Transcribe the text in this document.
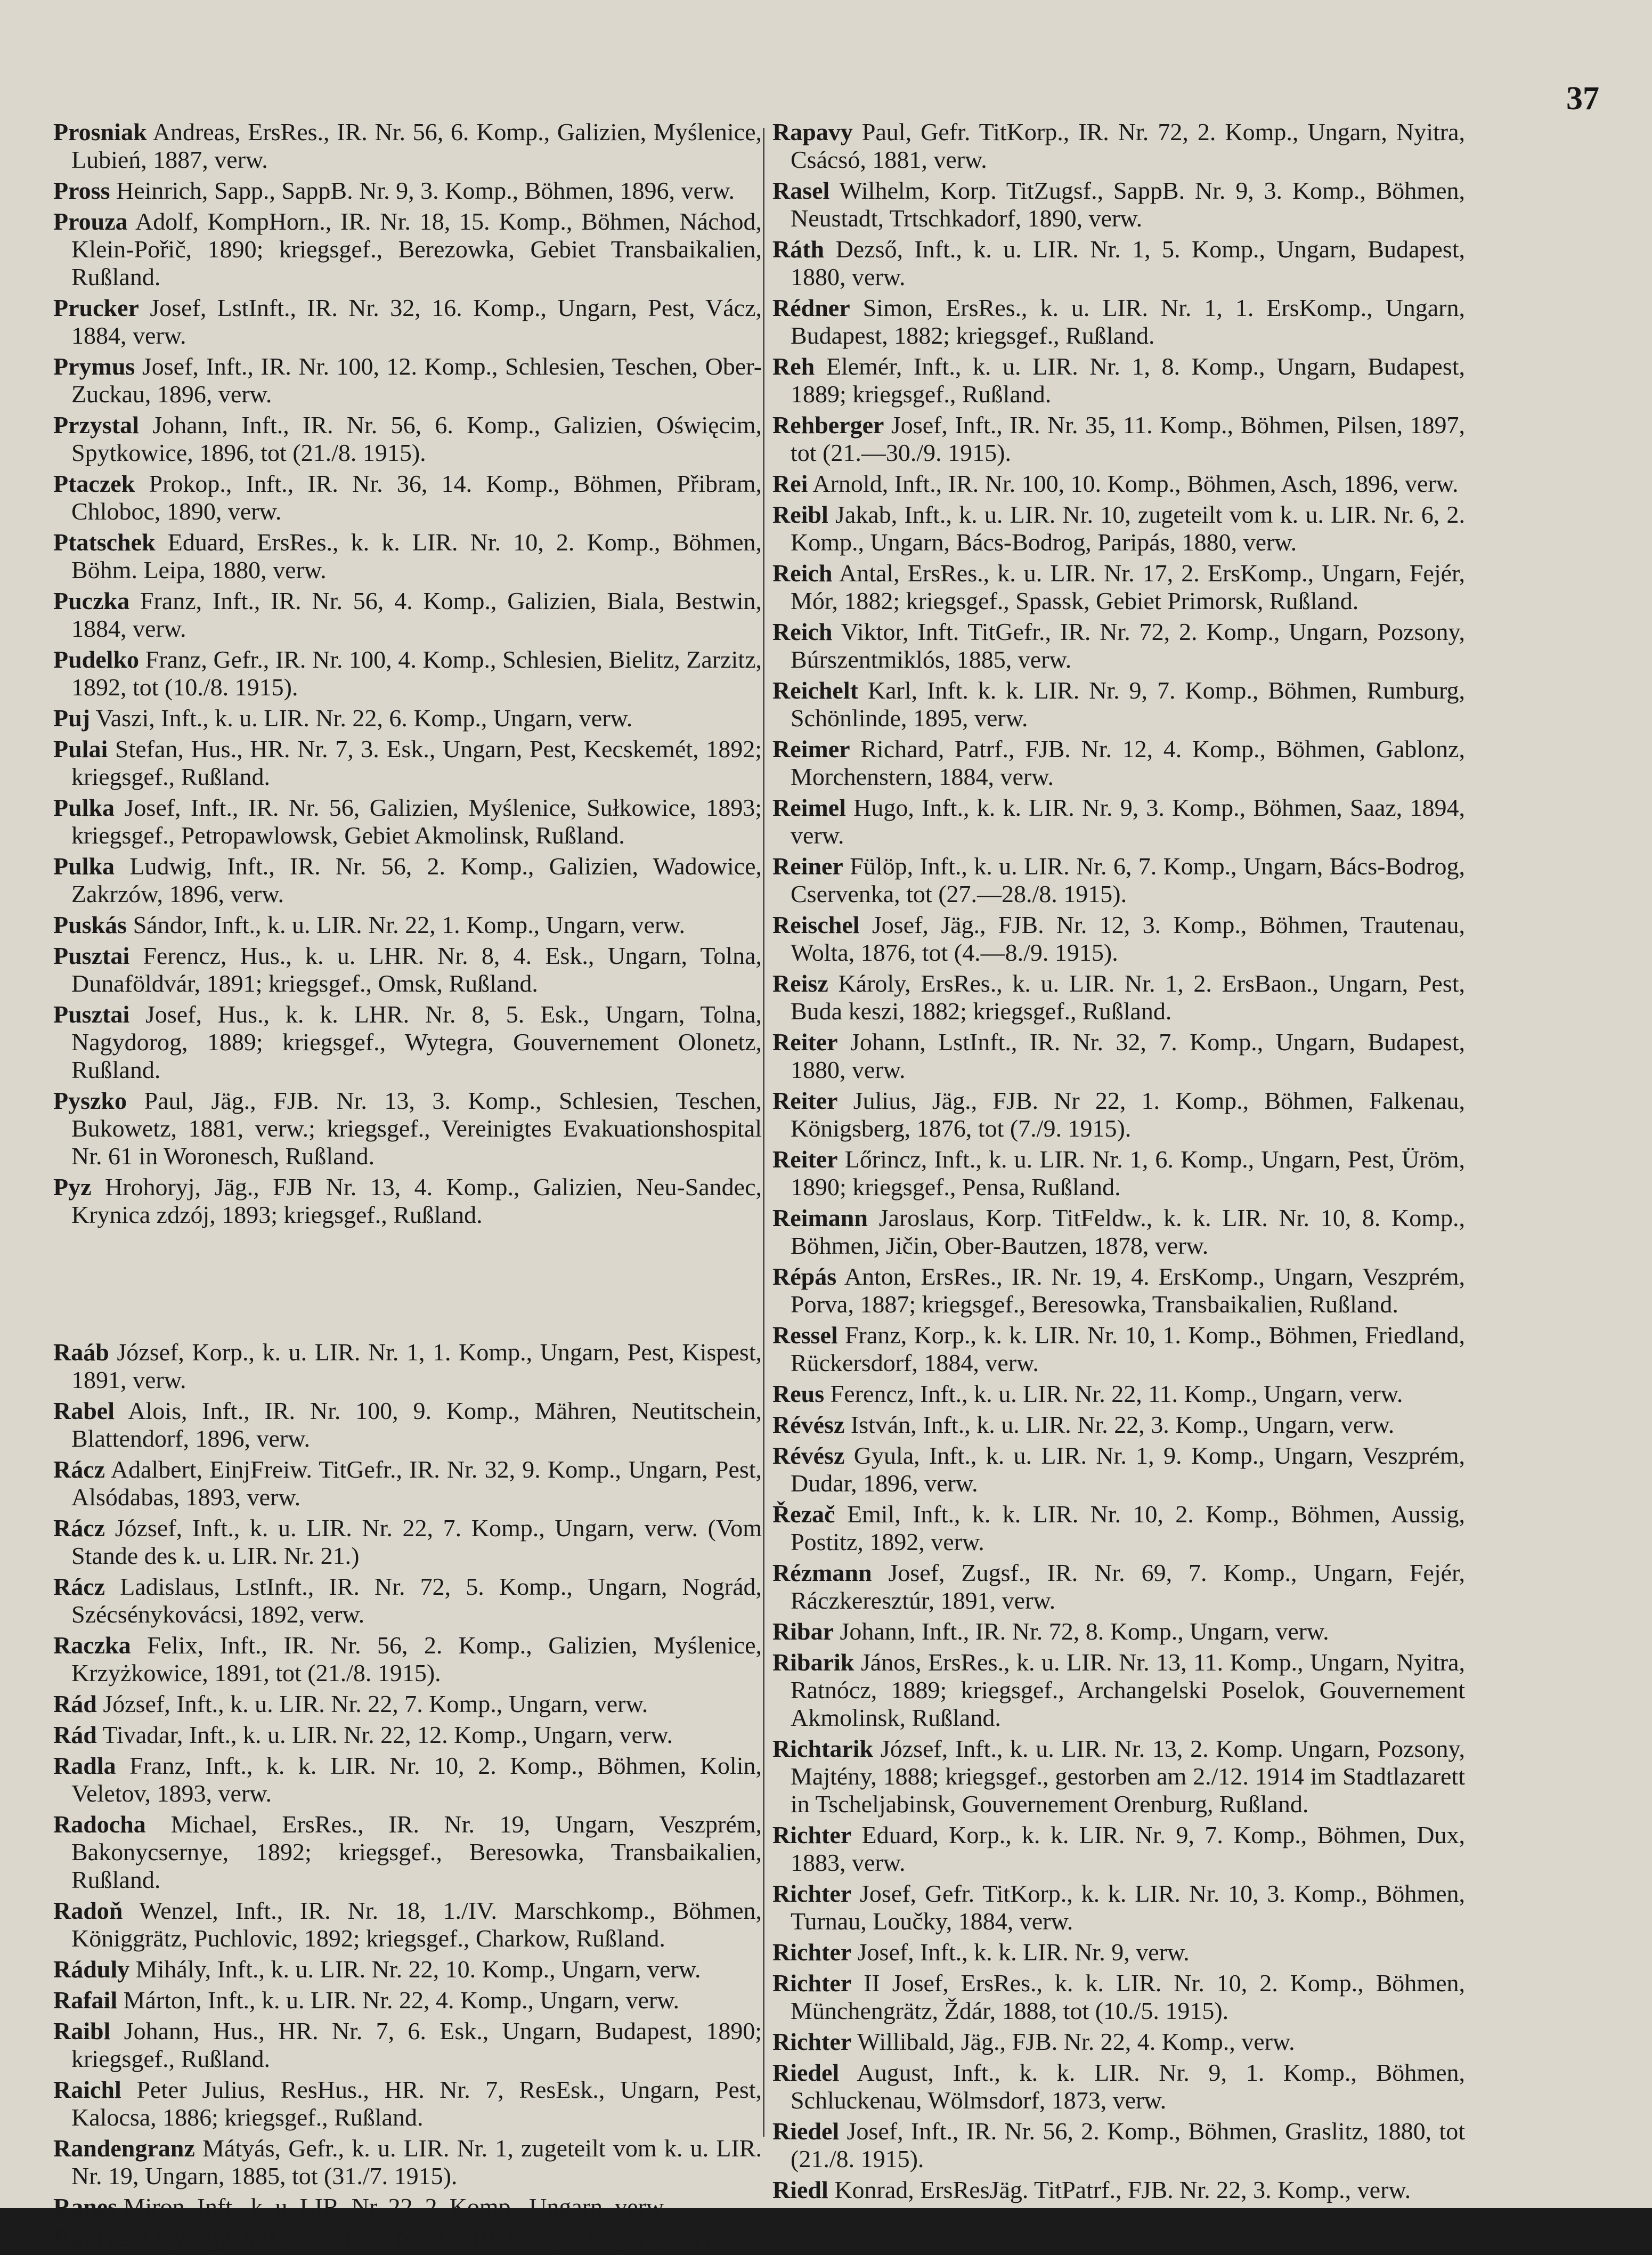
37
Prosniak Andreas, ErsRes., IR. Nr. 56, 6. Komp., Galizien, Myślenice, Lubień, 1887, verw.
Pross Heinrich, Sapp., SappB. Nr. 9, 3. Komp., Böhmen, 1896, verw.
Prouza Adolf, KompHorn., IR. Nr. 18, 15. Komp., Böhmen, Náchod, Klein-Pořič, 1890; kriegsgef., Berezowka, Gebiet Transbaikalien, Rußland.
Prucker Josef, LstInft., IR. Nr. 32, 16. Komp., Ungarn, Pest, Vácz, 1884, verw.
Prymus Josef, Inft., IR. Nr. 100, 12. Komp., Schlesien, Teschen, Ober-Zuckau, 1896, verw.
Przystal Johann, Inft., IR. Nr. 56, 6. Komp., Galizien, Oświęcim, Spytkowice, 1896, tot (21./8. 1915).
Ptaczek Prokop., Inft., IR. Nr. 36, 14. Komp., Böhmen, Přibram, Chloboc, 1890, verw.
Ptatschek Eduard, ErsRes., k. k. LIR. Nr. 10, 2. Komp., Böhmen, Böhm. Leipa, 1880, verw.
Puczka Franz, Inft., IR. Nr. 56, 4. Komp., Galizien, Biala, Bestwin, 1884, verw.
Pudelko Franz, Gefr., IR. Nr. 100, 4. Komp., Schlesien, Bielitz, Zarzitz, 1892, tot (10./8. 1915).
Puj Vaszi, Inft., k. u. LIR. Nr. 22, 6. Komp., Ungarn, verw.
Pulai Stefan, Hus., HR. Nr. 7, 3. Esk., Ungarn, Pest, Kecskemét, 1892; kriegsgef., Rußland.
Pulka Josef, Inft., IR. Nr. 56, Galizien, Myślenice, Sułkowice, 1893; kriegsgef., Petropawlowsk, Gebiet Akmolinsk, Rußland.
Pulka Ludwig, Inft., IR. Nr. 56, 2. Komp., Galizien, Wadowice, Zakrzów, 1896, verw.
Puskás Sándor, Inft., k. u. LIR. Nr. 22, 1. Komp., Ungarn, verw.
Pusztai Ferencz, Hus., k. u. LHR. Nr. 8, 4. Esk., Ungarn, Tolna, Dunaföldvár, 1891; kriegsgef., Omsk, Rußland.
Pusztai Josef, Hus., k. k. LHR. Nr. 8, 5. Esk., Ungarn, Tolna, Nagydorog, 1889; kriegsgef., Wytegra, Gouvernement Olonetz, Rußland.
Pyszko Paul, Jäg., FJB. Nr. 13, 3. Komp., Schlesien, Teschen, Bukowetz, 1881, verw.; kriegsgef., Vereinigtes Evakuationshospital Nr. 61 in Woronesch, Rußland.
Pyz Hrohoryj, Jäg., FJB Nr. 13, 4. Komp., Galizien, Neu-Sandec, Krynica zdzój, 1893; kriegsgef., Rußland.
Raáb József, Korp., k. u. LIR. Nr. 1, 1. Komp., Ungarn, Pest, Kispest, 1891, verw.
Rabel Alois, Inft., IR. Nr. 100, 9. Komp., Mähren, Neutitschein, Blattendorf, 1896, verw.
Rácz Adalbert, EinjFreiw. TitGefr., IR. Nr. 32, 9. Komp., Ungarn, Pest, Alsódabas, 1893, verw.
Rácz József, Inft., k. u. LIR. Nr. 22, 7. Komp., Ungarn, verw. (Vom Stande des k. u. LIR. Nr. 21.)
Rácz Ladislaus, LstInft., IR. Nr. 72, 5. Komp., Ungarn, Nográd, Szécsénykovácsi, 1892, verw.
Raczka Felix, Inft., IR. Nr. 56, 2. Komp., Galizien, Myślenice, Krzyżkowice, 1891, tot (21./8. 1915).
Rád József, Inft., k. u. LIR. Nr. 22, 7. Komp., Ungarn, verw.
Rád Tivadar, Inft., k. u. LIR. Nr. 22, 12. Komp., Ungarn, verw.
Radla Franz, Inft., k. k. LIR. Nr. 10, 2. Komp., Böhmen, Kolin, Veletov, 1893, verw.
Radocha Michael, ErsRes., IR. Nr. 19, Ungarn, Veszprém, Bakonycsernye, 1892; kriegsgef., Beresowka, Transbaikalien, Rußland.
Radoň Wenzel, Inft., IR. Nr. 18, 1./IV. Marschkomp., Böhmen, Königgrätz, Puchlovic, 1892; kriegsgef., Charkow, Rußland.
Ráduly Mihály, Inft., k. u. LIR. Nr. 22, 10. Komp., Ungarn, verw.
Rafail Márton, Inft., k. u. LIR. Nr. 22, 4. Komp., Ungarn, verw.
Raibl Johann, Hus., HR. Nr. 7, 6. Esk., Ungarn, Budapest, 1890; kriegsgef., Rußland.
Raichl Peter Julius, ResHus., HR. Nr. 7, ResEsk., Ungarn, Pest, Kalocsa, 1886; kriegsgef., Rußland.
Randengranz Mátyás, Gefr., k. u. LIR. Nr. 1, zugeteilt vom k. u. LIR. Nr. 19, Ungarn, 1885, tot (31./7. 1915).
Ranes Miron, Inft., k. u. LIR. Nr. 22, 2. Komp., Ungarn, verw.
Raniveza György, Inft., k. u. LIR. Nr. 22, 10. Komp., Ungarn, verw.
Rapavy Paul, Gefr. TitKorp., IR. Nr. 72, 2. Komp., Ungarn, Nyitra, Csácsó, 1881, verw.
Rasel Wilhelm, Korp. TitZugsf., SappB. Nr. 9, 3. Komp., Böhmen, Neustadt, Trtschkadorf, 1890, verw.
Ráth Dezső, Inft., k. u. LIR. Nr. 1, 5. Komp., Ungarn, Budapest, 1880, verw.
Rédner Simon, ErsRes., k. u. LIR. Nr. 1, 1. ErsKomp., Ungarn, Budapest, 1882; kriegsgef., Rußland.
Reh Elemér, Inft., k. u. LIR. Nr. 1, 8. Komp., Ungarn, Budapest, 1889; kriegsgef., Rußland.
Rehberger Josef, Inft., IR. Nr. 35, 11. Komp., Böhmen, Pilsen, 1897, tot (21.—30./9. 1915).
Rei Arnold, Inft., IR. Nr. 100, 10. Komp., Böhmen, Asch, 1896, verw.
Reibl Jakab, Inft., k. u. LIR. Nr. 10, zugeteilt vom k. u. LIR. Nr. 6, 2. Komp., Ungarn, Bács-Bodrog, Paripás, 1880, verw.
Reich Antal, ErsRes., k. u. LIR. Nr. 17, 2. ErsKomp., Ungarn, Fejér, Mór, 1882; kriegsgef., Spassk, Gebiet Primorsk, Rußland.
Reich Viktor, Inft. TitGefr., IR. Nr. 72, 2. Komp., Ungarn, Pozsony, Búrszentmiklós, 1885, verw.
Reichelt Karl, Inft. k. k. LIR. Nr. 9, 7. Komp., Böhmen, Rumburg, Schönlinde, 1895, verw.
Reimer Richard, Patrf., FJB. Nr. 12, 4. Komp., Böhmen, Gablonz, Morchenstern, 1884, verw.
Reimel Hugo, Inft., k. k. LIR. Nr. 9, 3. Komp., Böhmen, Saaz, 1894, verw.
Reiner Fülöp, Inft., k. u. LIR. Nr. 6, 7. Komp., Ungarn, Bács-Bodrog, Cservenka, tot (27.—28./8. 1915).
Reischel Josef, Jäg., FJB. Nr. 12, 3. Komp., Böhmen, Trautenau, Wolta, 1876, tot (4.—8./9. 1915).
Reisz Károly, ErsRes., k. u. LIR. Nr. 1, 2. ErsBaon., Ungarn, Pest, Buda keszi, 1882; kriegsgef., Rußland.
Reiter Johann, LstInft., IR. Nr. 32, 7. Komp., Ungarn, Budapest, 1880, verw.
Reiter Julius, Jäg., FJB. Nr 22, 1. Komp., Böhmen, Falkenau, Königsberg, 1876, tot (7./9. 1915).
Reiter Lőrincz, Inft., k. u. LIR. Nr. 1, 6. Komp., Ungarn, Pest, Üröm, 1890; kriegsgef., Pensa, Rußland.
Reimann Jaroslaus, Korp. TitFeldw., k. k. LIR. Nr. 10, 8. Komp., Böhmen, Jičin, Ober-Bautzen, 1878, verw.
Répás Anton, ErsRes., IR. Nr. 19, 4. ErsKomp., Ungarn, Veszprém, Porva, 1887; kriegsgef., Beresowka, Transbaikalien, Rußland.
Ressel Franz, Korp., k. k. LIR. Nr. 10, 1. Komp., Böhmen, Friedland, Rückersdorf, 1884, verw.
Reus Ferencz, Inft., k. u. LIR. Nr. 22, 11. Komp., Ungarn, verw.
Révész István, Inft., k. u. LIR. Nr. 22, 3. Komp., Ungarn, verw.
Révész Gyula, Inft., k. u. LIR. Nr. 1, 9. Komp., Ungarn, Veszprém, Dudar, 1896, verw.
Řezač Emil, Inft., k. k. LIR. Nr. 10, 2. Komp., Böhmen, Aussig, Postitz, 1892, verw.
Rézmann Josef, Zugsf., IR. Nr. 69, 7. Komp., Ungarn, Fejér, Ráczkeresztúr, 1891, verw.
Ribar Johann, Inft., IR. Nr. 72, 8. Komp., Ungarn, verw.
Ribarik János, ErsRes., k. u. LIR. Nr. 13, 11. Komp., Ungarn, Nyitra, Ratnócz, 1889; kriegsgef., Archangelski Poselok, Gouvernement Akmolinsk, Rußland.
Richtarik József, Inft., k. u. LIR. Nr. 13, 2. Komp. Ungarn, Pozsony, Majtény, 1888; kriegsgef., gestorben am 2./12. 1914 im Stadtlazarett in Tscheljabinsk, Gouvernement Orenburg, Rußland.
Richter Eduard, Korp., k. k. LIR. Nr. 9, 7. Komp., Böhmen, Dux, 1883, verw.
Richter Josef, Gefr. TitKorp., k. k. LIR. Nr. 10, 3. Komp., Böhmen, Turnau, Loučky, 1884, verw.
Richter Josef, Inft., k. k. LIR. Nr. 9, verw.
Richter II Josef, ErsRes., k. k. LIR. Nr. 10, 2. Komp., Böhmen, Münchengrätz, Ždár, 1888, tot (10./5. 1915).
Richter Willibald, Jäg., FJB. Nr. 22, 4. Komp., verw.
Riedel August, Inft., k. k. LIR. Nr. 9, 1. Komp., Böhmen, Schluckenau, Wölmsdorf, 1873, verw.
Riedel Josef, Inft., IR. Nr. 56, 2. Komp., Böhmen, Graslitz, 1880, tot (21./8. 1915).
Riedl Konrad, ErsResJäg. TitPatrf., FJB. Nr. 22, 3. Komp., verw.
